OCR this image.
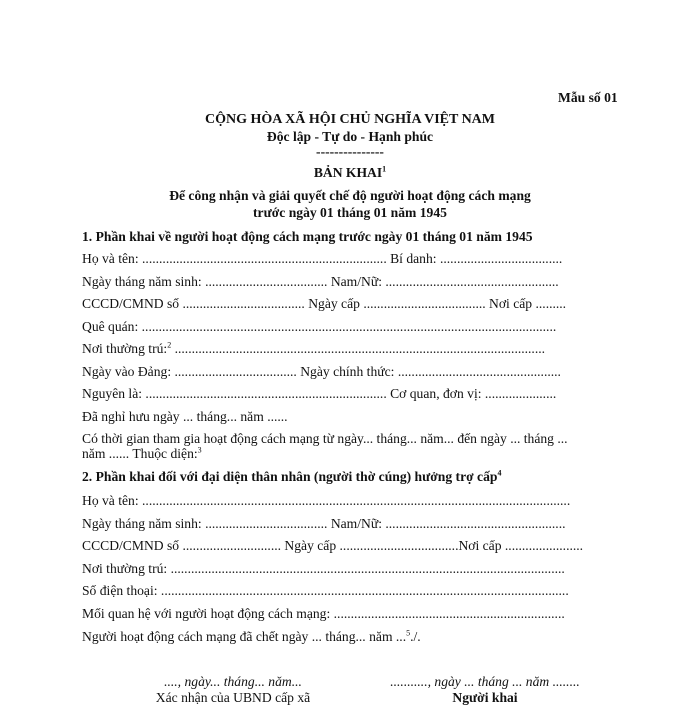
Mẫu số 01
CỘNG HÒA XÃ HỘI CHỦ NGHĨA VIỆT NAM
Độc lập - Tự do - Hạnh phúc
---------------
BẢN KHAI$^1$
Để công nhận và giải quyết chế độ người hoạt động cách mạng
trước ngày 01 tháng 01 năm 1945
1. Phần khai về người hoạt động cách mạng trước ngày 01 tháng 01 năm 1945
Họ và tên: ........................................................................ Bí danh: ....................................
Ngày tháng năm sinh: .................................... Nam/Nữ: ...................................................
CCCD/CMND số .................................... Ngày cấp .................................... Nơi cấp .........
Quê quán: ..........................................................................................................................
Nơi thường trú:$^2$ .............................................................................................................
Ngày vào Đảng: .................................... Ngày chính thức: ................................................
Nguyên là: ....................................................................... Cơ quan, đơn vị: .....................
Đã nghỉ hưu ngày ... tháng... năm ......
Có thời gian tham gia hoạt động cách mạng từ ngày... tháng... năm... đến ngày ... tháng ...
năm ...... Thuộc diện:$^3$
2. Phần khai đối với đại diện thân nhân (người thờ cúng) hưởng trợ cấp$^4$
Họ và tên: ..............................................................................................................................
Ngày tháng năm sinh: .................................... Nam/Nữ: .....................................................
CCCD/CMND số ............................. Ngày cấp ...................................Nơi cấp .......................
Nơi thường trú: ....................................................................................................................
Số điện thoại: ........................................................................................................................
Mối quan hệ với người hoạt động cách mạng: ....................................................................
Người hoạt động cách mạng đã chết ngày ... tháng... năm ...$^5$./.
...., ngày... tháng... năm...
Xác nhận của UBND cấp xã
..........., ngày ... tháng ... năm ........
Người khai
